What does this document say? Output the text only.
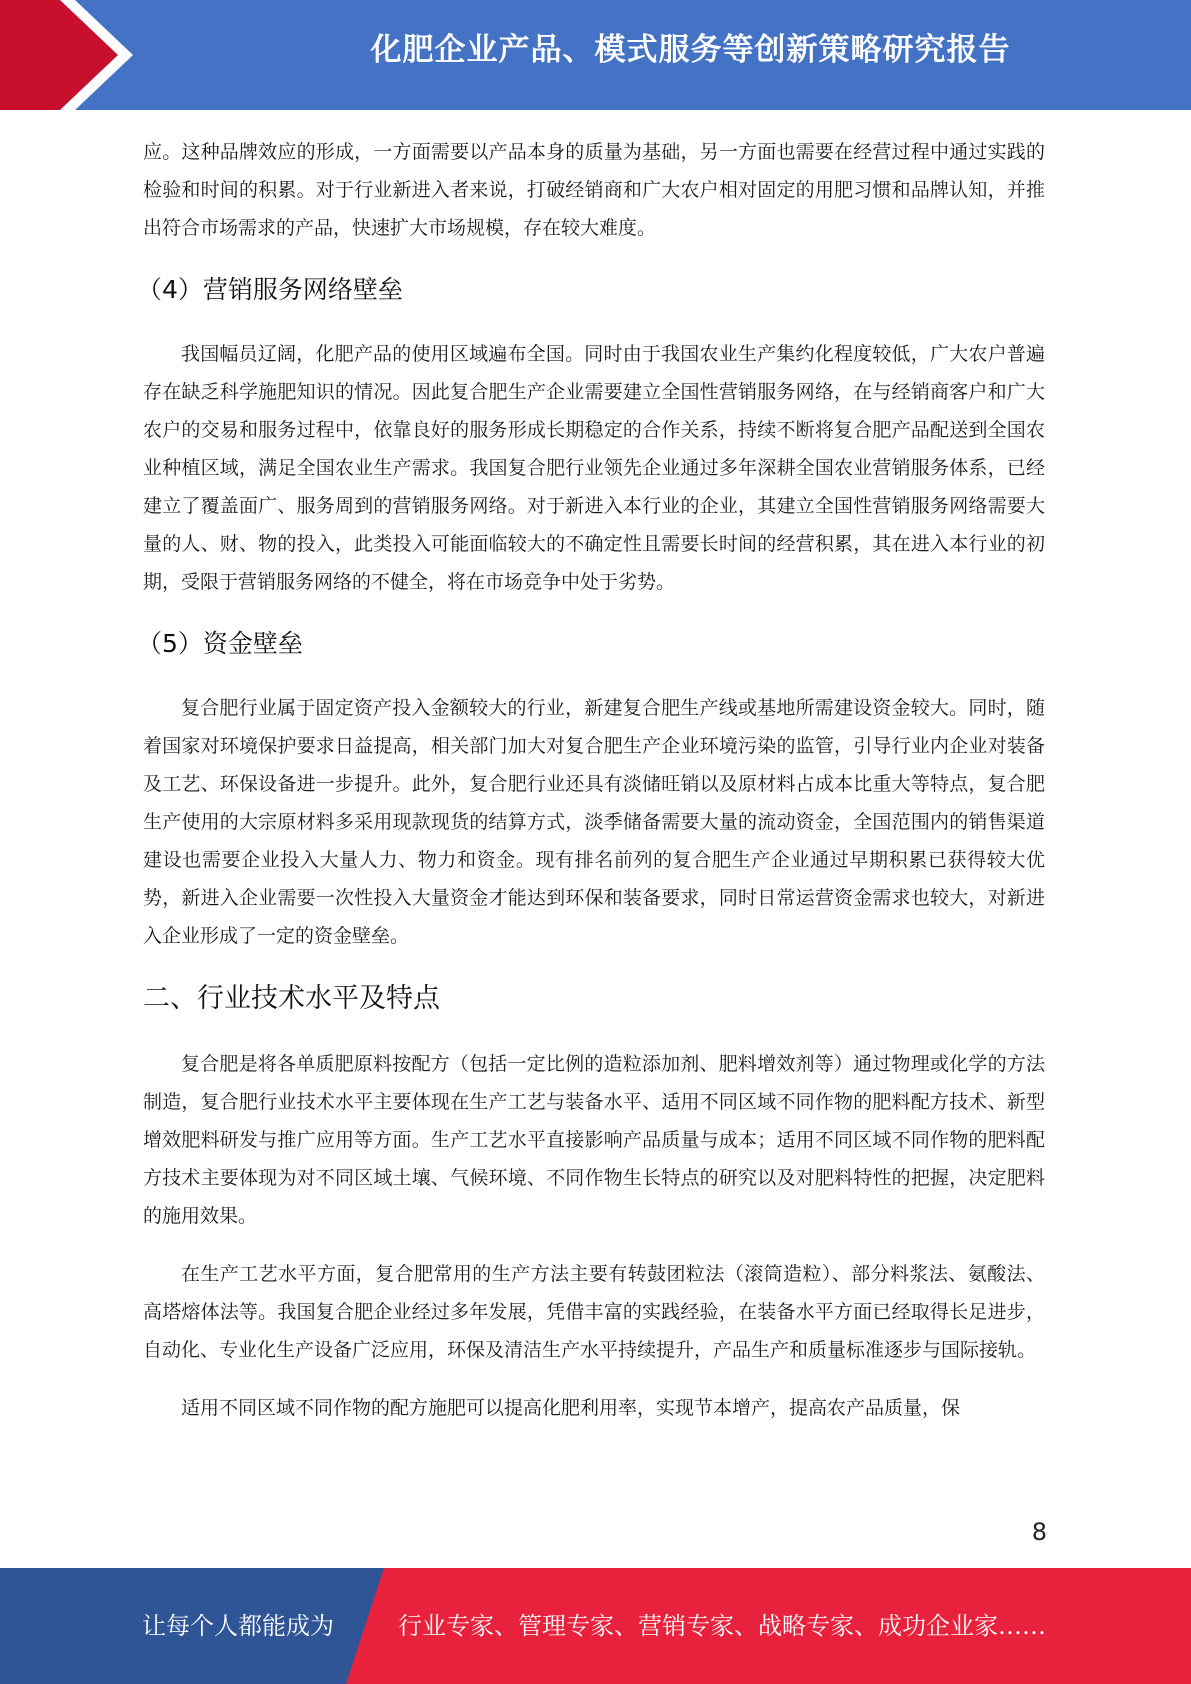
化肥企业产品、模式服务等创新策略研究报告

应。这种品牌效应的形成，一方面需要以产品本身的质量为基础，另一方面也需要在经营过程中通过实践的检验和时间的积累。对于行业新进入者来说，打破经销商和广大农户相对固定的用肥习惯和品牌认知，并推出符合市场需求的产品，快速扩大市场规模，存在较大难度。

（4）营销服务网络壁垒

我国幅员辽阔，化肥产品的使用区域遍布全国。同时由于我国农业生产集约化程度较低，广大农户普遍存在缺乏科学施肥知识的情况。因此复合肥生产企业需要建立全国性营销服务网络，在与经销商客户和广大农户的交易和服务过程中，依靠良好的服务形成长期稳定的合作关系，持续不断将复合肥产品配送到全国农业种植区域，满足全国农业生产需求。我国复合肥行业领先企业通过多年深耕全国农业营销服务体系，已经建立了覆盖面广、服务周到的营销服务网络。对于新进入本行业的企业，其建立全国性营销服务网络需要大量的人、财、物的投入，此类投入可能面临较大的不确定性且需要长时间的经营积累，其在进入本行业的初期，受限于营销服务网络的不健全，将在市场竞争中处于劣势。

（5）资金壁垒

复合肥行业属于固定资产投入金额较大的行业，新建复合肥生产线或基地所需建设资金较大。同时，随着国家对环境保护要求日益提高，相关部门加大对复合肥生产企业环境污染的监管，引导行业内企业对装备及工艺、环保设备进一步提升。此外，复合肥行业还具有淡储旺销以及原材料占成本比重大等特点，复合肥生产使用的大宗原材料多采用现款现货的结算方式，淡季储备需要大量的流动资金，全国范围内的销售渠道建设也需要企业投入大量人力、物力和资金。现有排名前列的复合肥生产企业通过早期积累已获得较大优势，新进入企业需要一次性投入大量资金才能达到环保和装备要求，同时日常运营资金需求也较大，对新进入企业形成了一定的资金壁垒。

二、行业技术水平及特点

复合肥是将各单质肥原料按配方（包括一定比例的造粒添加剂、肥料增效剂等）通过物理或化学的方法制造，复合肥行业技术水平主要体现在生产工艺与装备水平、适用不同区域不同作物的肥料配方技术、新型增效肥料研发与推广应用等方面。生产工艺水平直接影响产品质量与成本；适用不同区域不同作物的肥料配方技术主要体现为对不同区域土壤、气候环境、不同作物生长特点的研究以及对肥料特性的把握，决定肥料的施用效果。

在生产工艺水平方面，复合肥常用的生产方法主要有转鼓团粒法（滚筒造粒）、部分料浆法、氨酸法、高塔熔体法等。我国复合肥企业经过多年发展，凭借丰富的实践经验，在装备水平方面已经取得长足进步，自动化、专业化生产设备广泛应用，环保及清洁生产水平持续提升，产品生产和质量标准逐步与国际接轨。

适用不同区域不同作物的配方施肥可以提高化肥利用率，实现节本增产，提高农产品质量，保

8
让每个人都能成为	行业专家、管理专家、营销专家、战略专家、成功企业家……
